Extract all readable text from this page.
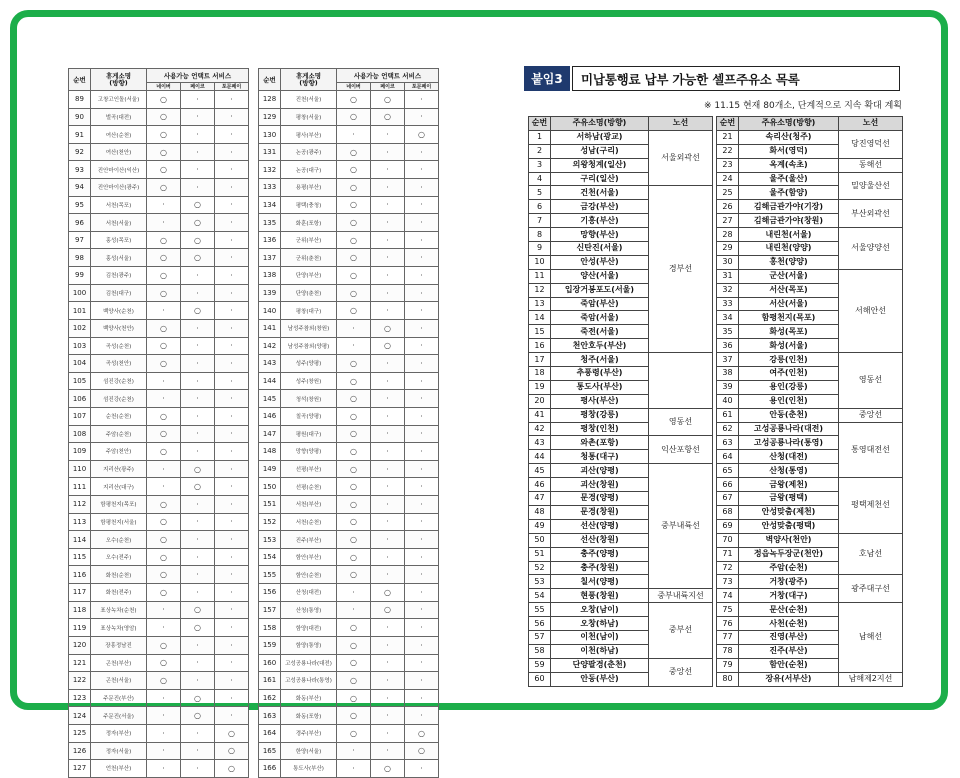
순번	휴게소명
(방향)	사용가능 언택트 서비스		
		네이버	페이코	포문페이
89	고창고인돌(서울)	○	·	·
90	벌곡(대전)	○	·	·
91	여산(순천)	○	·	·
92	여산(천안)	○	·	·
93	진안마이산(익산)	○	·	·
94	진안마이산(광주)	○	·	·
95	서천(목포)	·	○	·
96	서천(서울)	·	○	·
97	홍성(목포)	○	○	·
98	홍성(서울)	○	○	·
99	김천(광주)	○	·	·
100	김천(대구)	○	·	·
101	백양사(순천)	·	○	·
102	백양사(천안)	○	·	·
103	곡성(순천)	○	·	·
104	곡성(천안)	○	·	·
105	섬진강(순천)	·	·	·
106	섬진강(순천)	·	·	·
107	순천(순천)	○	·	·
108	주암(순천)	○	·	·
109	주암(천안)	○	·	·
110	지리산(광주)	·	○	·
111	지리산(대구)	·	○	·
112	함평천지(목포)	○	·	·
113	함평천지(서울)	○	·	·
114	오수(순천)	○	·	·
115	오수(전주)	○	·	·
116	화천(순천)	○	·	·
117	화천(전주)	○	·	·
118	표상녹차(순천)	·	○	·
119	표상녹차(영암)	·	○	·
120	장흥정남진	○	·	·
121	곤천(부산)	○	·	·
122	곤천(서울)	○	·	·
123	주문진(부산)	·	○	·
124	주문진(서울)	·	○	·
125	정자(부산)	·	·	○
126	정자(서울)	·	·	○
127	언천(부산)	·	·	○
순번	휴게소명
(방향)	사용가능 언택트 서비스		
		네이버	페이코	포문페이
128	진천(서울)	○	○	·
129	평창(서울)	○	○	·
130	평사(부산)	·	·	○
131	논공(광주)	○	·	·
132	논공(대구)	○	·	·
133	용평(부산)	○	·	·
134	평택(충청)	○	·	·
135	화훈(포항)	○	·	·
136	군위(부산)	○	·	·
137	군위(춘천)	○	·	·
138	단양(부산)	○	·	·
139	단양(춘천)	○	·	·
140	평창(대구)	○	·	·
141	남성주참외(창원)	·	○	·
142	남성주참외(양평)	·	○	·
143	성주(양평)	○	·	·
144	성주(창원)	○	·	·
145	청석(창원)	○	·	·
146	칠곡(양평)	○	·	·
147	평원(대구)	○	·	·
148	망향(양평)	○	·	·
149	선평(부산)	○	·	·
150	선평(순천)	○	·	·
151	서천(부산)	○	·	·
152	서천(순천)	○	·	·
153	진주(부산)	○	·	·
154	함안(부산)	○	·	·
155	함안(순천)	○	·	·
156	산청(대전)	·	○	·
157	산청(통영)	·	○	·
158	함양(대전)	○	·	·
159	함양(통영)	○	·	·
160	고성공룡나라(대전)	○	·	·
161	고성공룡나라(통영)	○	·	·
162	화동(부산)	○	·	·
163	화동(포항)	○	·	·
164	경주(부산)	○	·	○
165	한양(서울)	·	·	○
166	통도사(부산)	·	○	·
붙임3	미납통행료 납부 가능한 셀프주유소 목록
※ 11.15 현재 80개소, 단계적으로 지속 확대 계획
순번	주유소명(방향)	노선
1	서하남(광교)	서울외곽선
2	성남(구리)	
3	의왕청계(일산)	
4	구리(일산)	
5	건천(서울)	경부선
6	금강(부산)	
7	기흥(부산)	
8	망향(부산)	
9	신탄진(서울)	
10	안성(부산)	
11	양산(서울)	
12	입장거봉포도(서울)	
13	죽암(부산)	
14	죽암(서울)	
15	죽전(서울)	
16	천안호두(부산)	
17	청주(서울)	
18	추풍령(부산)	
19	통도사(부산)	
20	평사(부산)	
41	평창(강릉)	영동선
42	평창(인천)	
43	와촌(포항)	익산포항선
44	청통(대구)	
45	괴산(양평)	중부내륙선
46	괴산(창원)	
47	문경(양평)	
48	문경(창원)	
49	선산(양평)	
50	선산(창원)	
51	충주(양평)	
52	충주(창원)	
53	칠서(양평)	
54	현풍(창원)	중부내륙지선
55	오창(남이)	중부선
56	오창(하남)	
57	이천(남이)	
58	이천(하남)	
59	단양팔경(춘천)	중앙선
60	안동(부산)	
순번	주유소명(방향)	노선
21	속리산(청주)	당진영덕선
22	화서(영덕)	
23	옥계(속초)	동해선
24	울주(울산)	밀양울산선
25	울주(함양)	
26	김해금관가야(기장)	부산외곽선
27	김해금관가야(창원)	
28	내린천(서울)	서울양양선
29	내린천(양양)	
30	홍천(양양)	
31	군산(서울)	서해안선
32	서산(목포)	
33	서산(서울)	
34	함평천지(목포)	
35	화성(목포)	
36	화성(서울)	
37	강릉(인천)	영동선
38	여주(인천)	
39	용인(강릉)	
40	용인(인천)	
61	안동(춘천)	중앙선
62	고성공룡나라(대전)	통영대전선
63	고성공룡나라(통영)	
64	산청(대전)	
65	산청(통영)	
66	금왕(제천)	평택제천선
67	금왕(평택)	
68	안성맞춤(제천)	
69	안성맞춤(평택)	
70	벽양사(천안)	호남선
71	정읍녹두장군(천안)	
72	주암(순천)	
73	거창(광주)	광주대구선
74	거창(대구)	
75	문산(순천)	남해선
76	사천(순천)	
77	진영(부산)	
78	진주(부산)	
79	함안(순천)	
80	장유(서부산)	남해제2지선
